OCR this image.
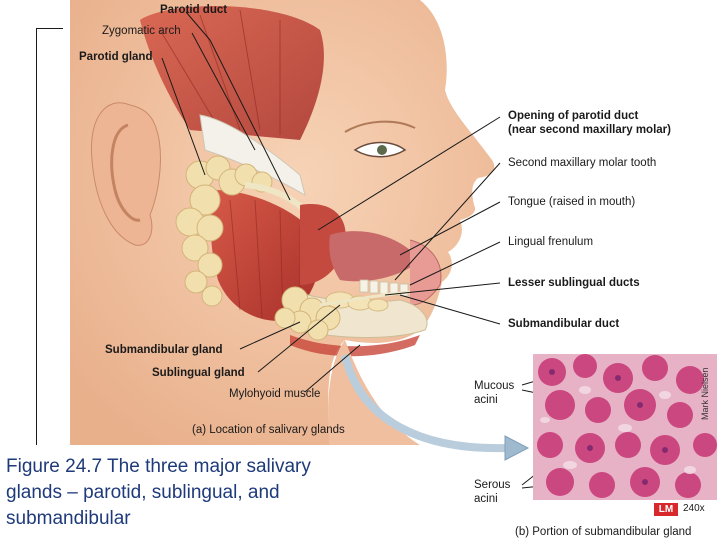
Parotid duct
Zygomatic arch
Parotid gland
Opening of parotid duct
(near second maxillary molar)
Second maxillary molar tooth
Tongue (raised in mouth)
Lingual frenulum
Lesser sublingual ducts
Submandibular duct
Submandibular gland
Sublingual gland
Mylohyoid muscle
(a) Location of salivary glands
Mucous
acini
Serous
acini
(b) Portion of submandibular gland
LM 240x
Mark Nielsen
Figure 24.7 The three major salivary glands – parotid, sublingual, and submandibular
